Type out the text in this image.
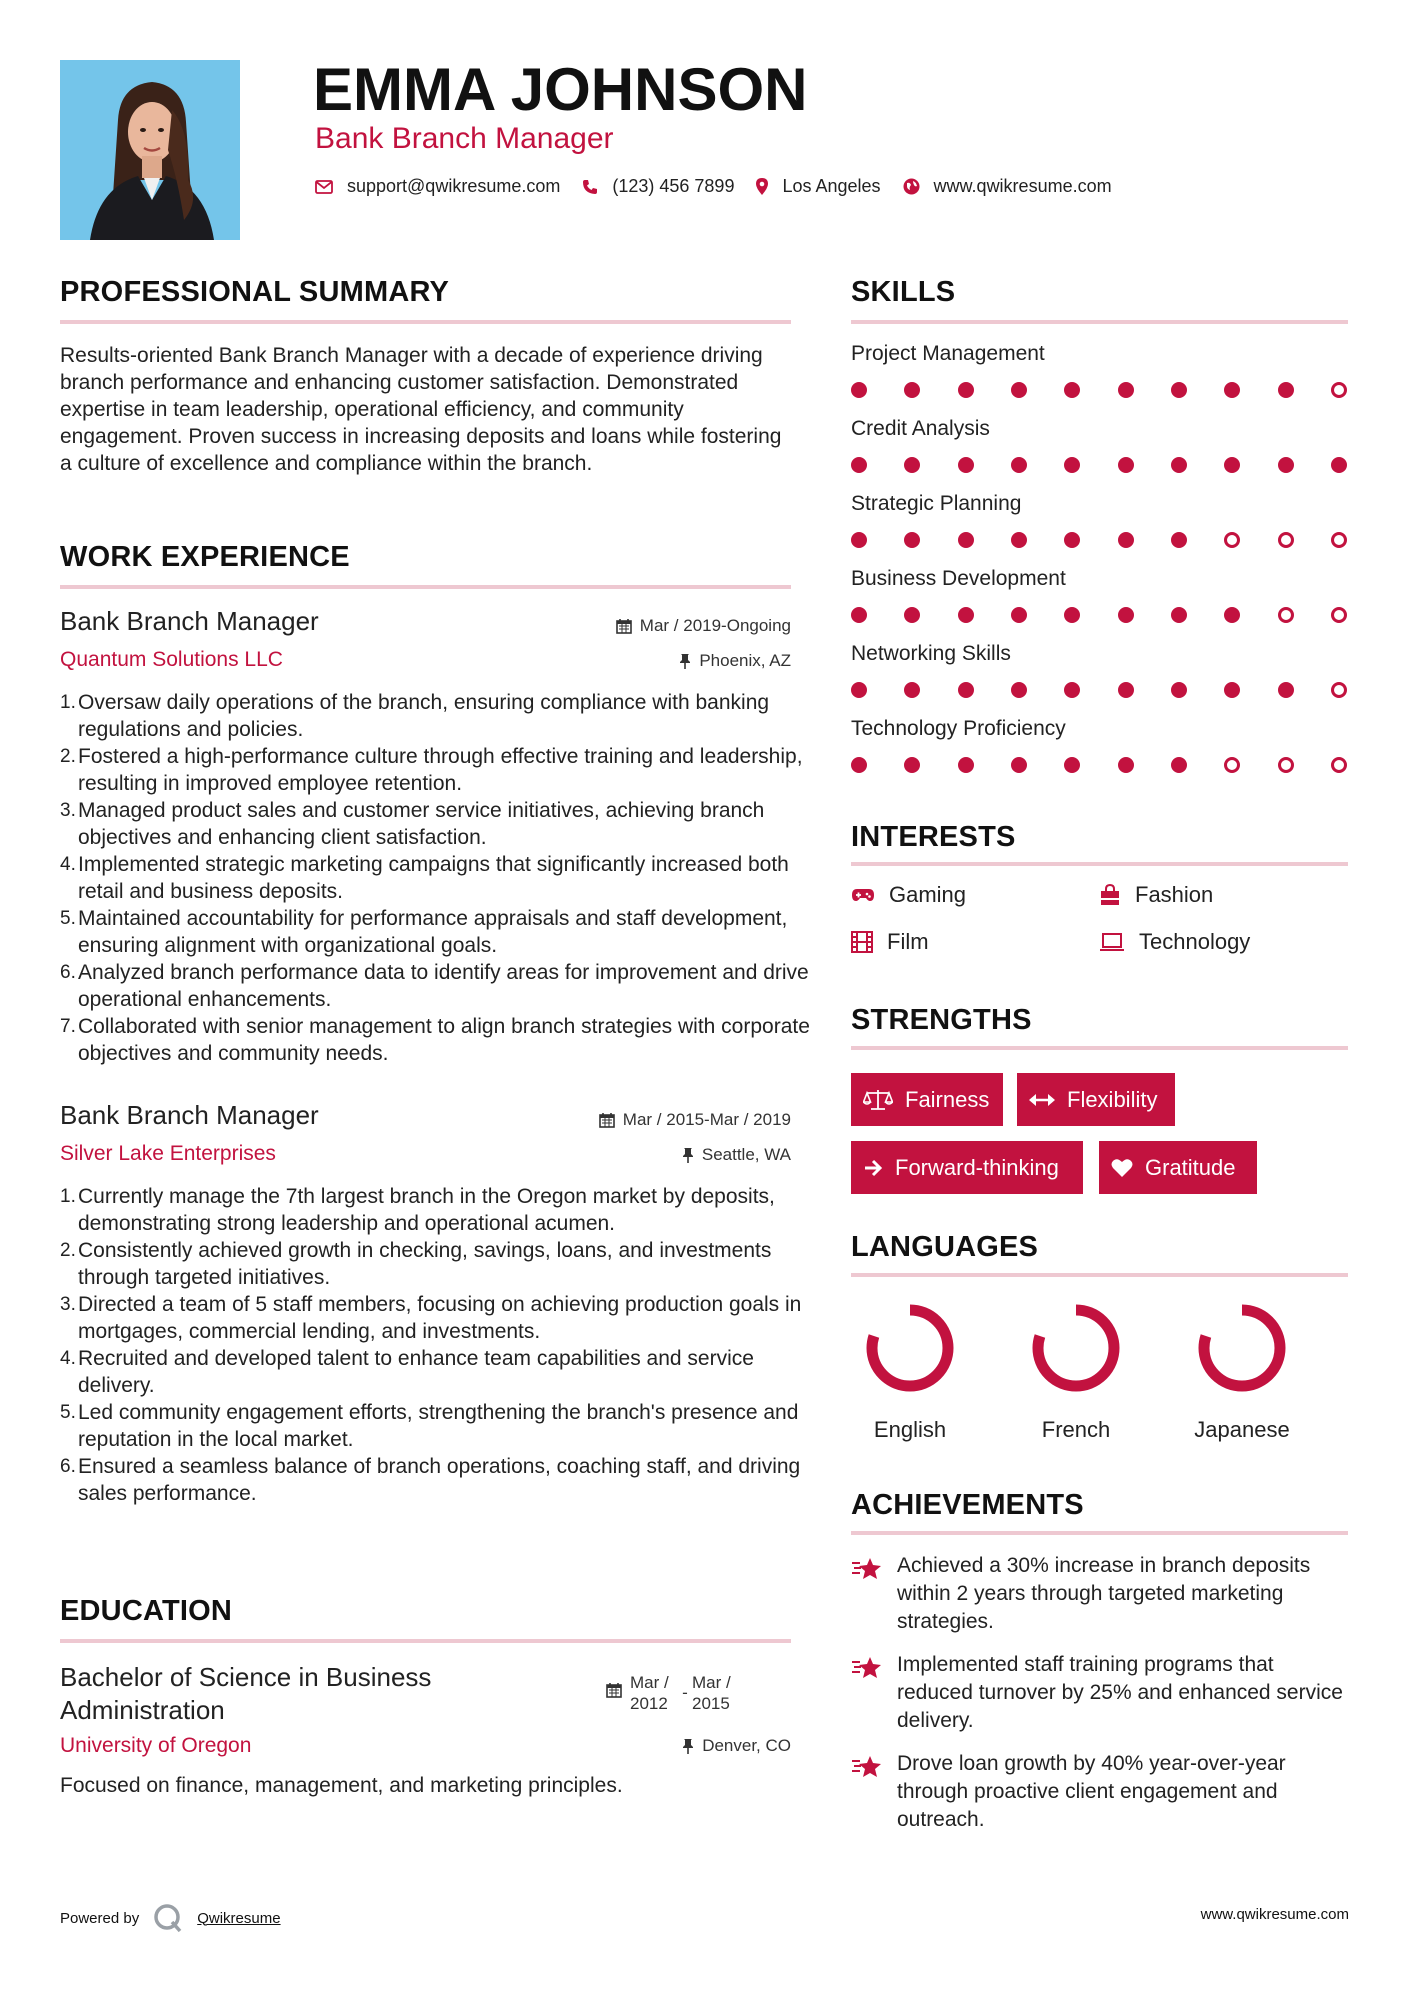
EMMA JOHNSON
Bank Branch Manager
support@qwikresume.com	(123) 456 7899	Los Angeles	www.qwikresume.com
PROFESSIONAL SUMMARY
Results-oriented Bank Branch Manager with a decade of experience driving branch performance and enhancing customer satisfaction. Demonstrated expertise in team leadership, operational efficiency, and community engagement. Proven success in increasing deposits and loans while fostering a culture of excellence and compliance within the branch.
WORK EXPERIENCE
Bank Branch Manager	Mar / 2019-Ongoing
Quantum Solutions LLC	Phoenix, AZ
Oversaw daily operations of the branch, ensuring compliance with banking regulations and policies.
Fostered a high-performance culture through effective training and leadership, resulting in improved employee retention.
Managed product sales and customer service initiatives, achieving branch objectives and enhancing client satisfaction.
Implemented strategic marketing campaigns that significantly increased both retail and business deposits.
Maintained accountability for performance appraisals and staff development, ensuring alignment with organizational goals.
Analyzed branch performance data to identify areas for improvement and drive operational enhancements.
Collaborated with senior management to align branch strategies with corporate objectives and community needs.
Bank Branch Manager	Mar / 2015-Mar / 2019
Silver Lake Enterprises	Seattle, WA
Currently manage the 7th largest branch in the Oregon market by deposits, demonstrating strong leadership and operational acumen.
Consistently achieved growth in checking, savings, loans, and investments through targeted initiatives.
Directed a team of 5 staff members, focusing on achieving production goals in mortgages, commercial lending, and investments.
Recruited and developed talent to enhance team capabilities and service delivery.
Led community engagement efforts, strengthening the branch's presence and reputation in the local market.
Ensured a seamless balance of branch operations, coaching staff, and driving sales performance.
EDUCATION
Bachelor of Science in Business Administration
Mar / 2012
-
Mar / 2015
University of Oregon	Denver, CO
Focused on finance, management, and marketing principles.
SKILLS
Project Management
Credit Analysis
Strategic Planning
Business Development
Networking Skills
Technology Proficiency
INTERESTS
Gaming	Fashion
Film	Technology
STRENGTHS
Fairness	Flexibility
Forward-thinking	Gratitude
LANGUAGES
English	French	Japanese
ACHIEVEMENTS
Achieved a 30% increase in branch deposits within 2 years through targeted marketing strategies.
Implemented staff training programs that reduced turnover by 25% and enhanced service delivery.
Drove loan growth by 40% year-over-year through proactive client engagement and outreach.
Powered by	Qwikresume	www.qwikresume.com
